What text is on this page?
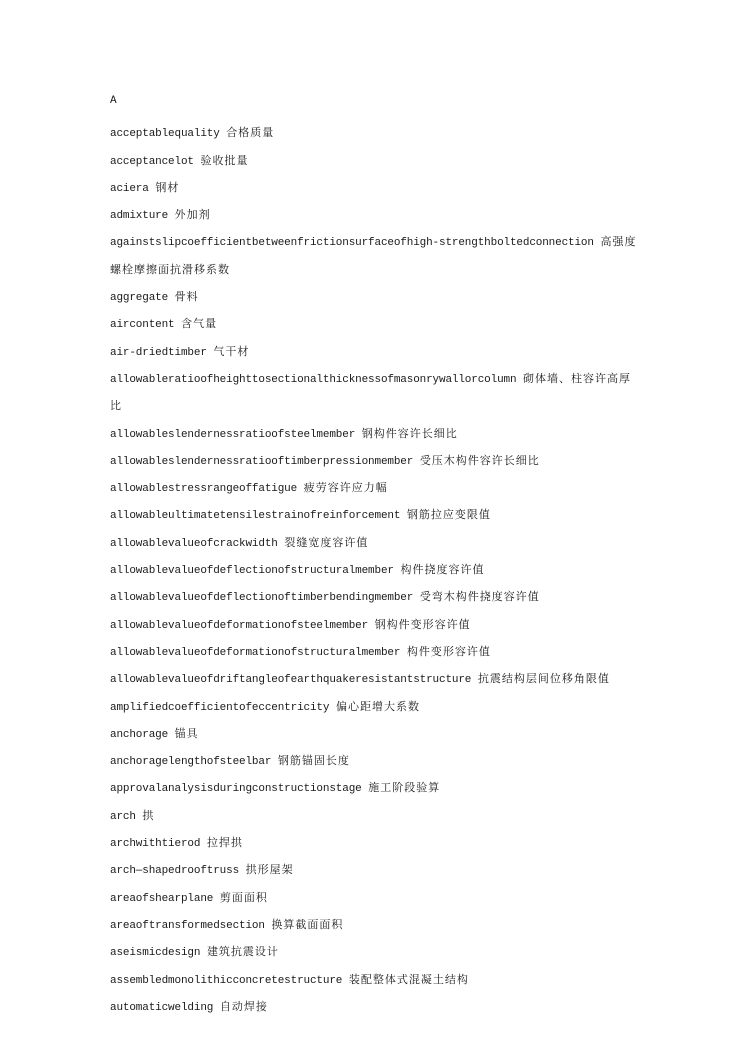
A
acceptablequality 合格质量
acceptancelot 验收批量
aciera 钢材
admixture 外加剂
againstslipcoefficientbetweenfrictionsurfaceofhigh-strengthboltedconnection 高强度螺栓摩擦面抗滑移系数
aggregate 骨料
aircontent 含气量
air-driedtimber 气干材
allowableratioofheighttosectionalthicknessofmasonrywallorcolumn 砌体墙、柱容许高厚比
allowableslendernessratioofsteelmember 钢构件容许长细比
allowableslendernessratiooftimberpressionmember 受压木构件容许长细比
allowablestressrangeoffatigue 疲劳容许应力幅
allowableultimatetensilestrainofreinforcement 钢筋拉应变限值
allowablevalueofcrackwidth 裂缝宽度容许值
allowablevalueofdeflectionofstructuralmember 构件挠度容许值
allowablevalueofdeflectionoftimberbendingmember 受弯木构件挠度容许值
allowablevalueofdeformationofsteelmember 钢构件变形容许值
allowablevalueofdeformationofstructuralmember 构件变形容许值
allowablevalueofdriftangleofearthquakeresistantstructure 抗震结构层间位移角限值
amplifiedcoefficientofeccentricity 偏心距增大系数
anchorage 锚具
anchoragelengthofsteelbar 钢筋锚固长度
approvalanalysisduringconstructionstage 施工阶段验算
arch 拱
archwithtierod 拉捍拱
arch—shapedrooftruss 拱形屋架
areaofshearplane 剪面面积
areaoftransformedsection 换算截面面积
aseismicdesign 建筑抗震设计
assembledmonolithicconcretestructure 装配整体式混凝土结构
automaticwelding 自动焊接
